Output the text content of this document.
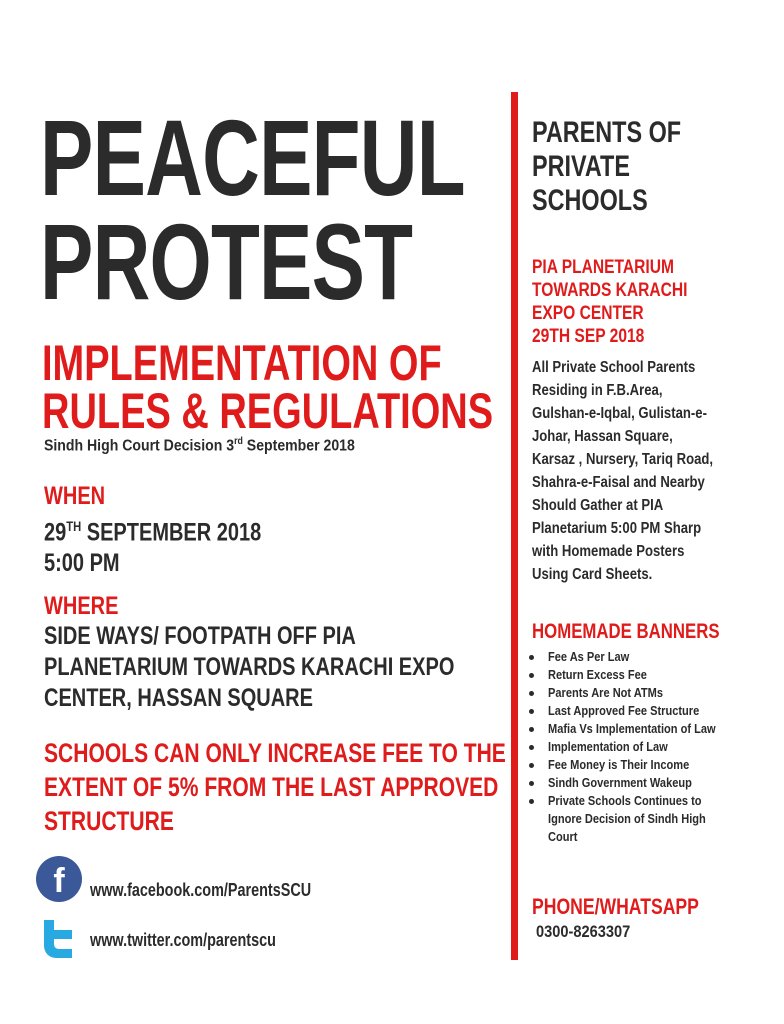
PEACEFUL
PROTEST
IMPLEMENTATION OF
RULES & REGULATIONS
Sindh High Court Decision 3rd September 2018
WHEN
29TH SEPTEMBER 2018
5:00 PM
WHERE
SIDE WAYS/ FOOTPATH OFF PIA
PLANETARIUM TOWARDS KARACHI EXPO
CENTER, HASSAN SQUARE
SCHOOLS CAN ONLY INCREASE FEE TO THE
EXTENT OF 5% FROM THE LAST APPROVED
STRUCTURE
f	www.facebook.com/ParentsSCU
www.twitter.com/parentscu
PARENTS OF
PRIVATE
SCHOOLS
PIA PLANETARIUM
TOWARDS KARACHI
EXPO CENTER
29TH SEP 2018
All Private School Parents
Residing in F.B.Area,
Gulshan-e-Iqbal, Gulistan-e-
Johar, Hassan Square,
Karsaz , Nursery, Tariq Road,
Shahra-e-Faisal and Nearby
Should Gather at PIA
Planetarium 5:00 PM Sharp
with Homemade Posters
Using Card Sheets.
HOMEMADE BANNERS
Fee As Per Law
Return Excess Fee
Parents Are Not ATMs
Last Approved Fee Structure
Mafia Vs Implementation of Law
Implementation of Law
Fee Money is Their Income
Sindh Government Wakeup
Private Schools Continues to
Ignore Decision of Sindh High
Court
PHONE/WHATSAPP
0300-8263307
